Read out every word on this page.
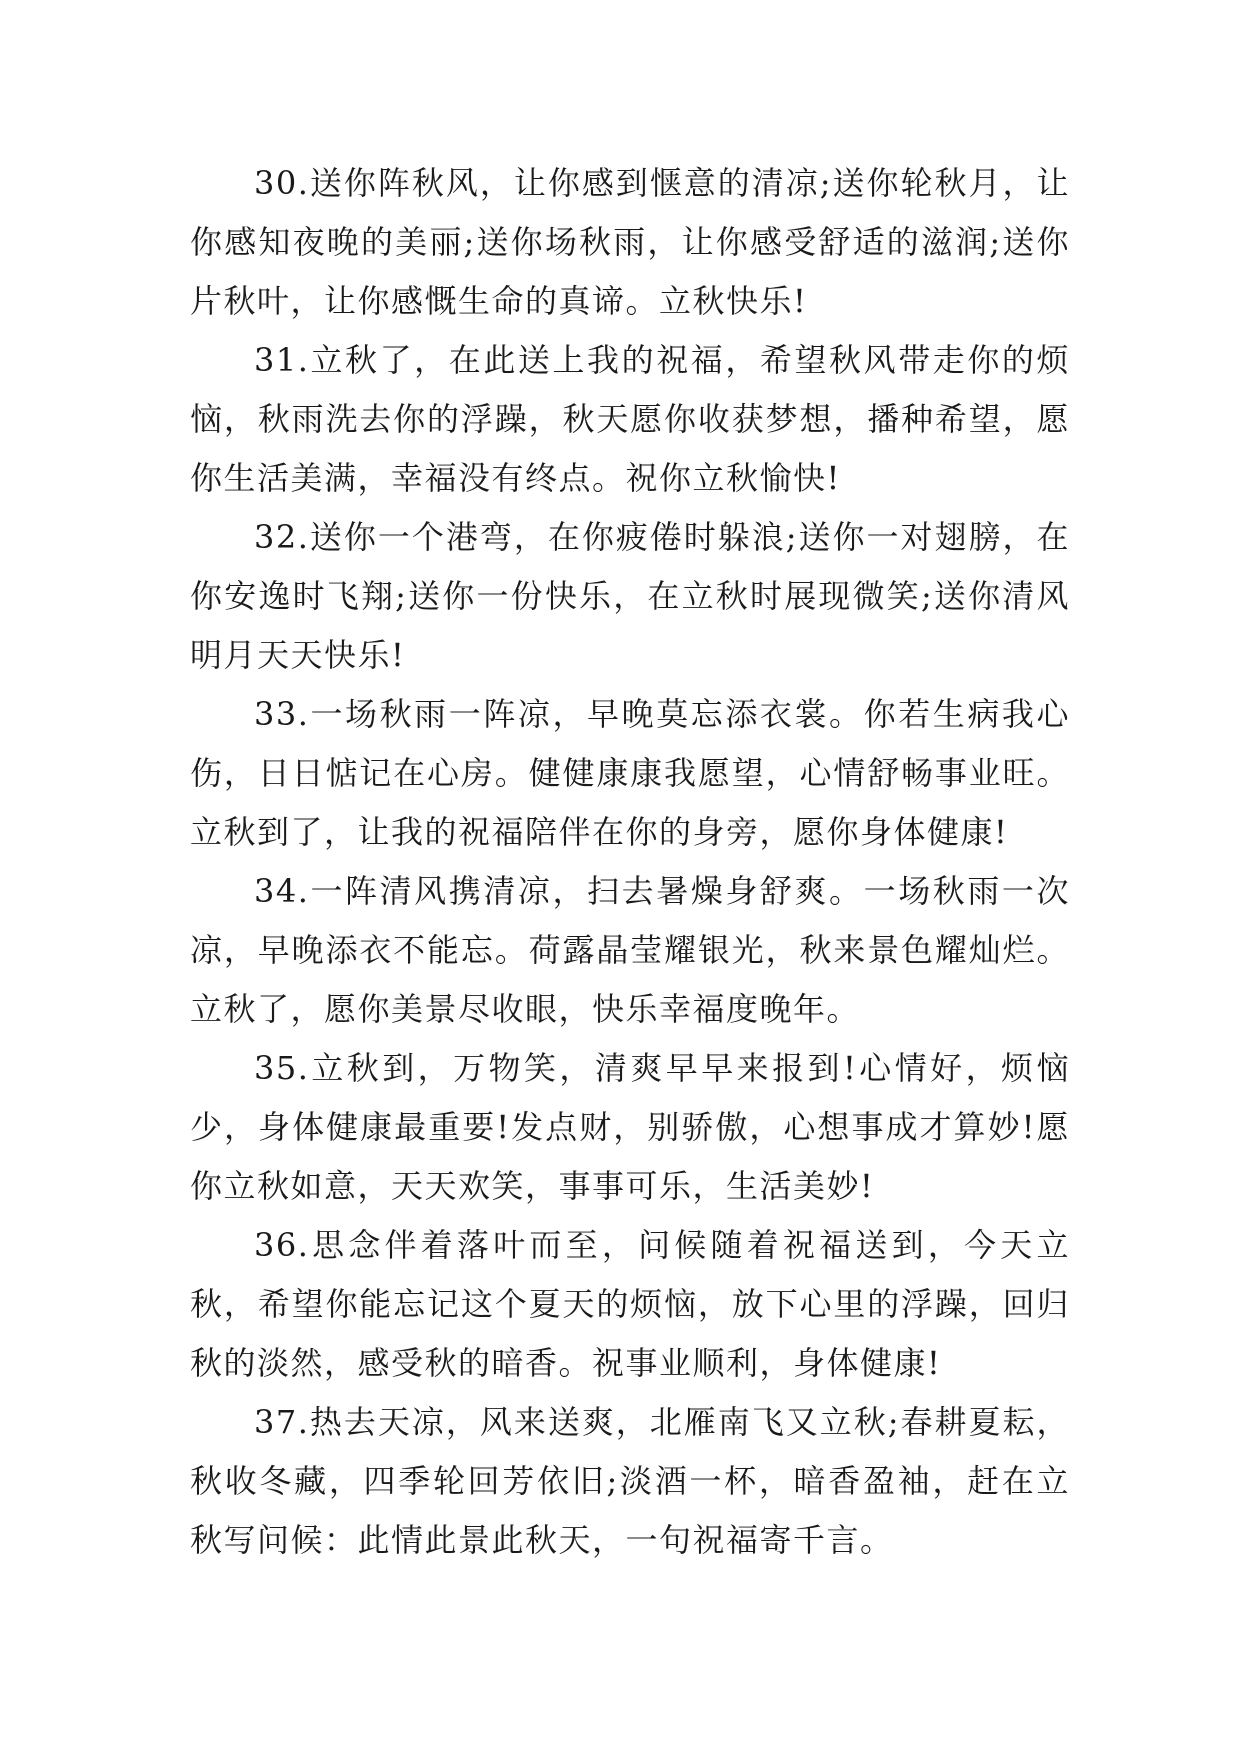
30.送你阵秋风，让你感到惬意的清凉;送你轮秋月，让你感知夜晚的美丽;送你场秋雨，让你感受舒适的滋润;送你片秋叶，让你感慨生命的真谛。立秋快乐!

31.立秋了，在此送上我的祝福，希望秋风带走你的烦恼，秋雨洗去你的浮躁，秋天愿你收获梦想，播种希望，愿你生活美满，幸福没有终点。祝你立秋愉快!

32.送你一个港弯，在你疲倦时躲浪;送你一对翅膀，在你安逸时飞翔;送你一份快乐，在立秋时展现微笑;送你清风明月天天快乐!

33.一场秋雨一阵凉，早晚莫忘添衣裳。你若生病我心伤，日日惦记在心房。健健康康我愿望，心情舒畅事业旺。立秋到了，让我的祝福陪伴在你的身旁，愿你身体健康!

34.一阵清风携清凉，扫去暑燥身舒爽。一场秋雨一次凉，早晚添衣不能忘。荷露晶莹耀银光，秋来景色耀灿烂。立秋了，愿你美景尽收眼，快乐幸福度晚年。

35.立秋到，万物笑，清爽早早来报到!心情好，烦恼少，身体健康最重要!发点财，别骄傲，心想事成才算妙!愿你立秋如意，天天欢笑，事事可乐，生活美妙!

36.思念伴着落叶而至，问候随着祝福送到，今天立秋，希望你能忘记这个夏天的烦恼，放下心里的浮躁，回归秋的淡然，感受秋的暗香。祝事业顺利，身体健康!

37.热去天凉，风来送爽，北雁南飞又立秋;春耕夏耘，秋收冬藏，四季轮回芳依旧;淡酒一杯，暗香盈袖，赶在立秋写问候：此情此景此秋天，一句祝福寄千言。
